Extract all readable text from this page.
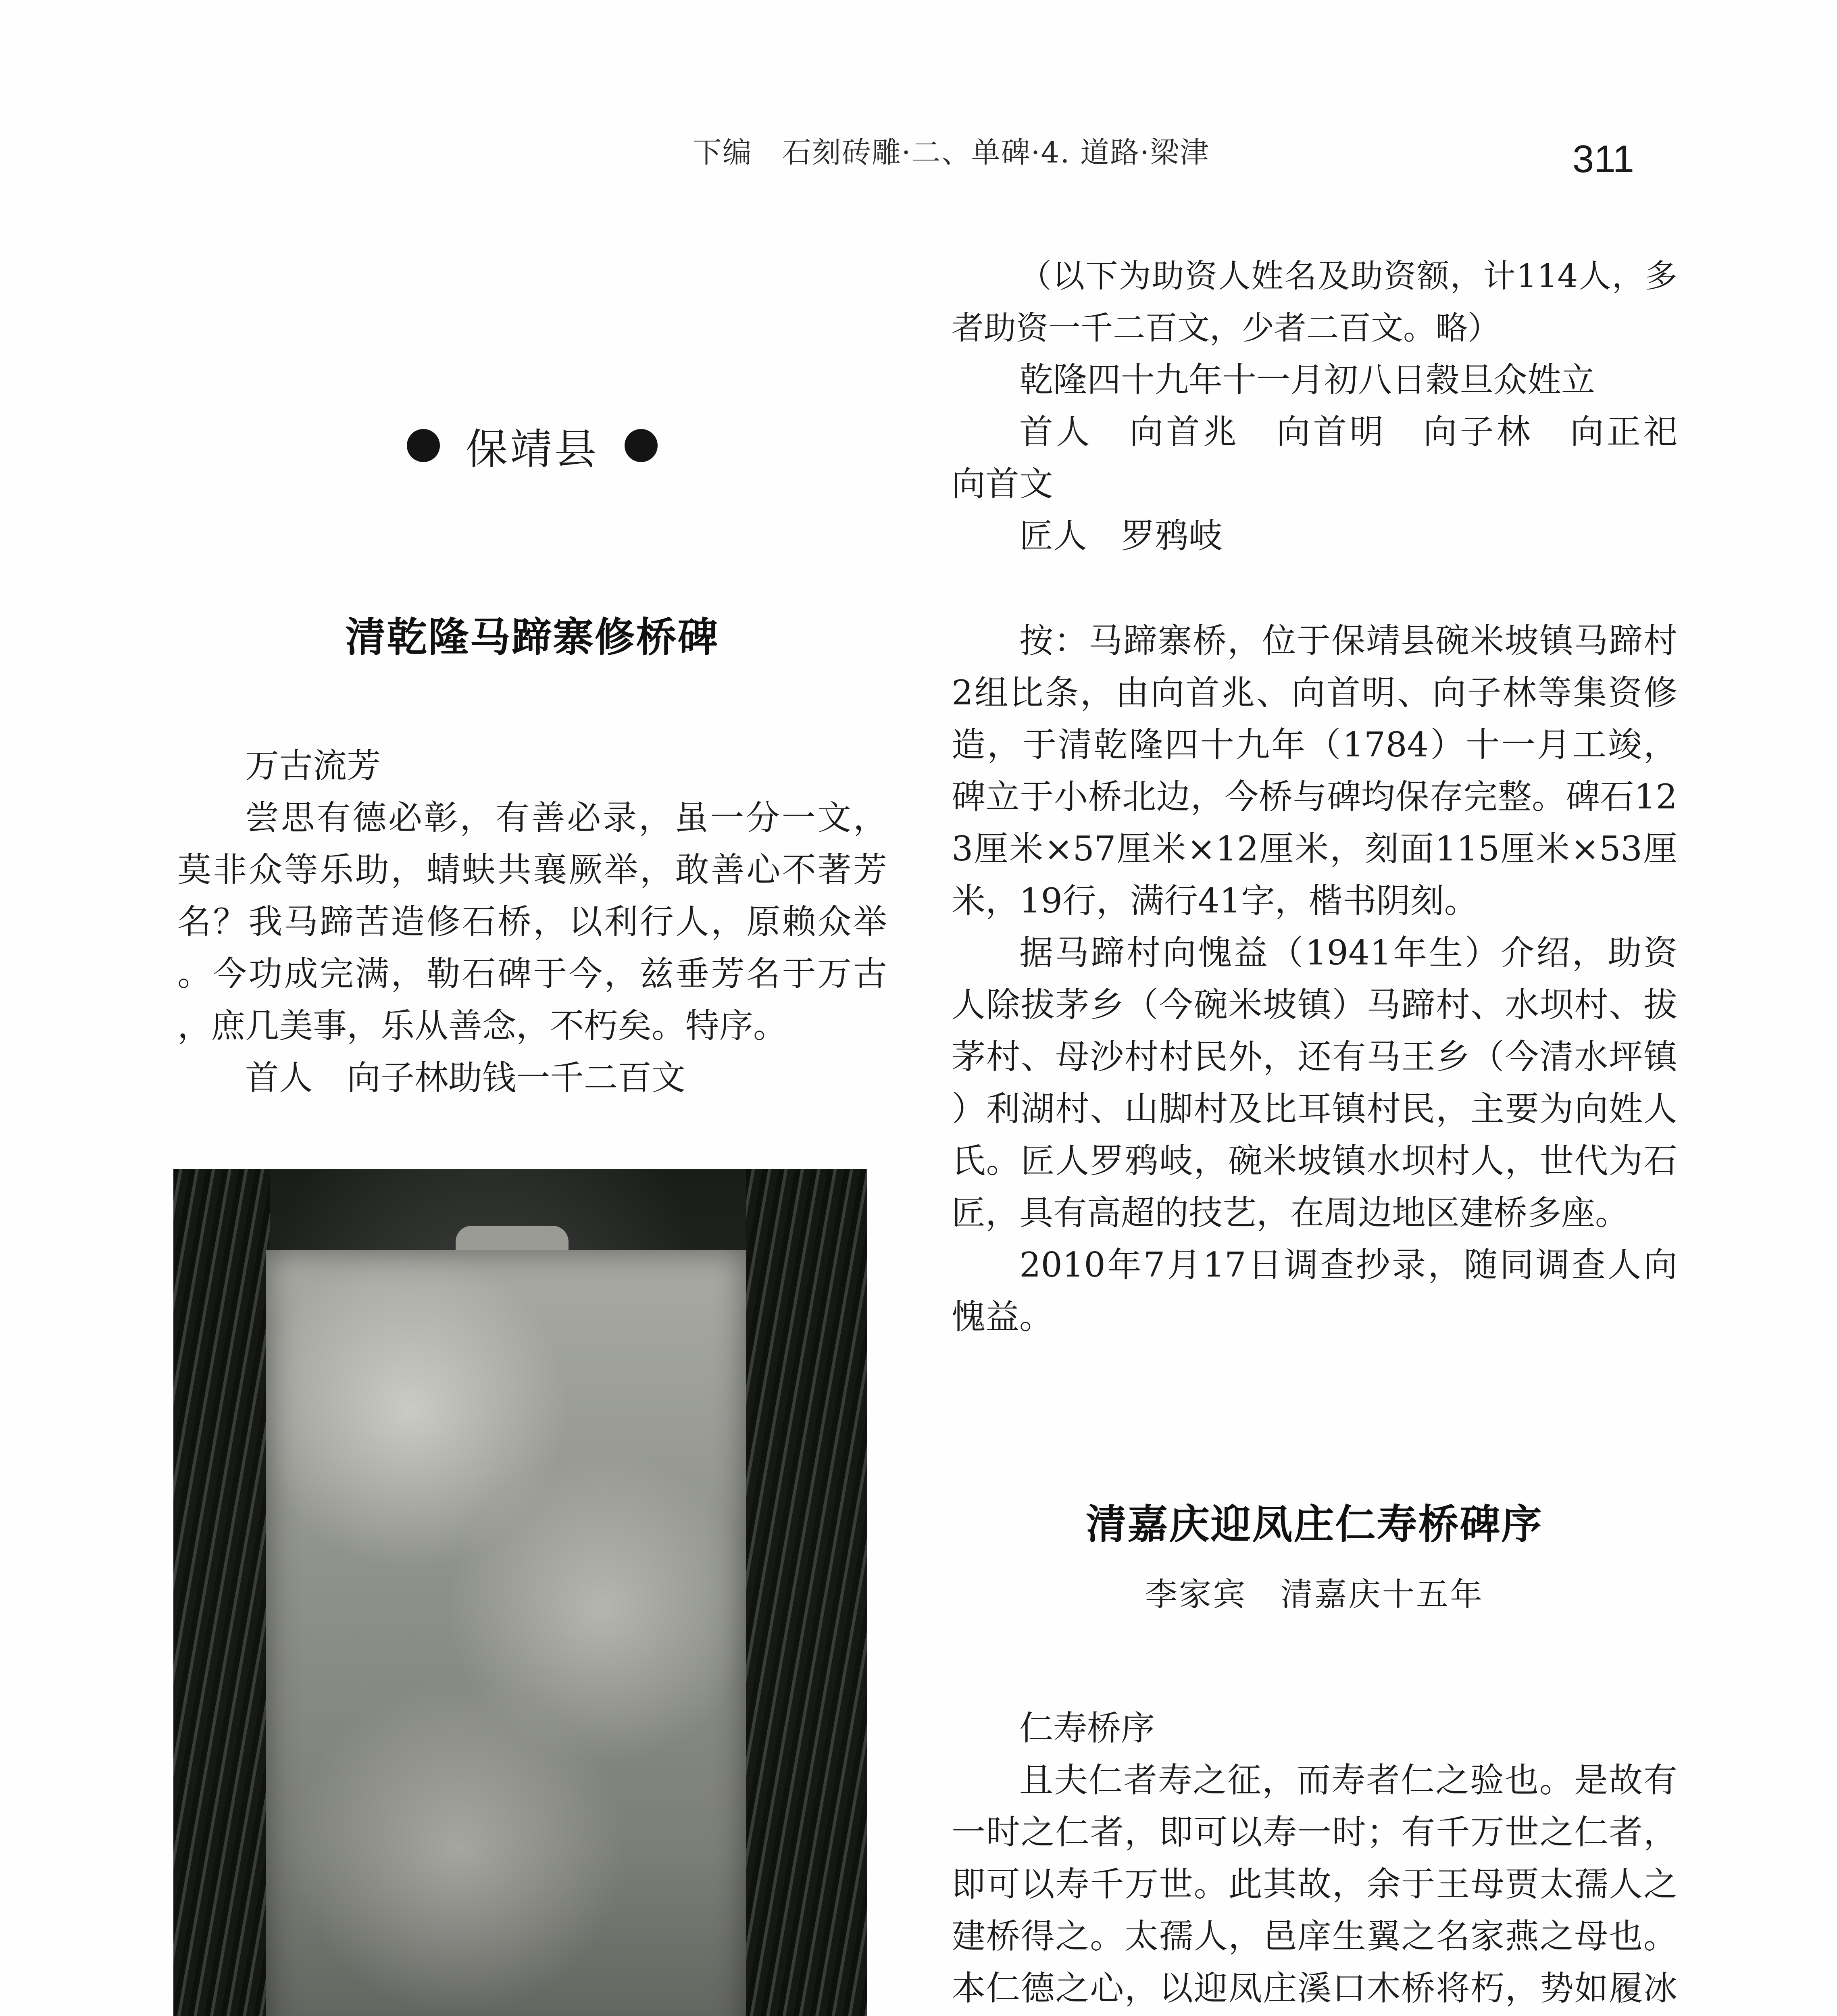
下编　石刻砖雕·二、单碑·4. 道路·梁津	311
保靖县
清乾隆马蹄寨修桥碑

万古流芳

尝思有德必彰，有善必录，虽一分一文，莫非众等乐助，蜻蚨共襄厥举，敢善心不著芳名？我马蹄苦造修石桥，以利行人，原赖众举。今功成完满，勒石碑于今，兹垂芳名于万古，庶几美事，乐从善念，不朽矣。特序。

首人　向子林助钱一千二百文

（以下为助资人姓名及助资额，计114人，多者助资一千二百文，少者二百文。略）

乾隆四十九年十一月初八日穀旦众姓立

首人　向首兆　向首明　向子林　向正祀　向首文

匠人　罗鸦岐

按：马蹄寨桥，位于保靖县碗米坡镇马蹄村2组比条，由向首兆、向首明、向子林等集资修造，于清乾隆四十九年（1784）十一月工竣，碑立于小桥北边，今桥与碑均保存完整。碑石123厘米×57厘米×12厘米，刻面115厘米×53厘米，19行，满行41字，楷书阴刻。

据马蹄村向愧益（1941年生）介绍，助资人除拔茅乡（今碗米坡镇）马蹄村、水坝村、拔茅村、母沙村村民外，还有马王乡（今清水坪镇）利湖村、山脚村及比耳镇村民，主要为向姓人氏。匠人罗鸦岐，碗米坡镇水坝村人，世代为石匠，具有高超的技艺，在周边地区建桥多座。

2010年7月17日调查抄录，随同调查人向愧益。

清嘉庆迎凤庄仁寿桥碑序

李家宾　清嘉庆十五年

仁寿桥序

且夫仁者寿之征，而寿者仁之验也。是故有一时之仁者，即可以寿一时；有千万世之仁者，即可以寿千万世。此其故，余于王母贾太孺人之建桥得之。太孺人，邑庠生翼之名家燕之母也。本仁德之心，以迎凤庄溪口木桥将朽，势如履冰
